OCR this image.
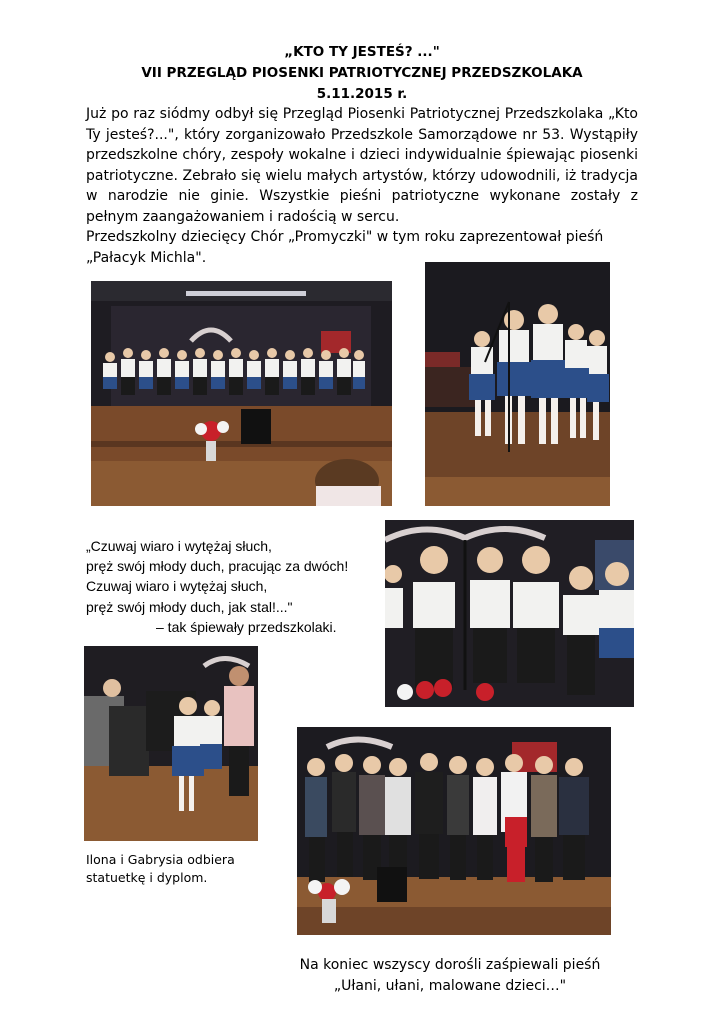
„KTO TY JESTEŚ? ..."
VII PRZEGLĄD PIOSENKI PATRIOTYCZNEJ PRZEDSZKOLAKA
5.11.2015 r.

Już po raz siódmy odbył się Przegląd Piosenki Patriotycznej Przedszkolaka „Kto Ty jesteś?...", który zorganizowało Przedszkole Samorządowe nr 53. Wystąpiły przedszkolne chóry, zespoły wokalne i dzieci indywidualnie śpiewając piosenki patriotyczne. Zebrało się wielu małych artystów, którzy udowodnili, iż tradycja w narodzie nie ginie. Wszystkie pieśni patriotyczne wykonane zostały z pełnym zaangażowaniem i radością w sercu.

Przedszkolny dziecięcy Chór „Promyczki" w tym roku zaprezentował pieśń „Pałacyk Michla".

„Czuwaj wiaro i wytężaj słuch,
pręż swój młody duch, pracując za dwóch!
Czuwaj wiaro i wytężaj słuch,
pręż swój młody duch, jak stal!..."
– tak śpiewały przedszkolaki.
Ilona i Gabrysia odbiera statuetkę i dyplom.
Na koniec wszyscy dorośli zaśpiewali pieśń
„Ułani, ułani, malowane dzieci…"
